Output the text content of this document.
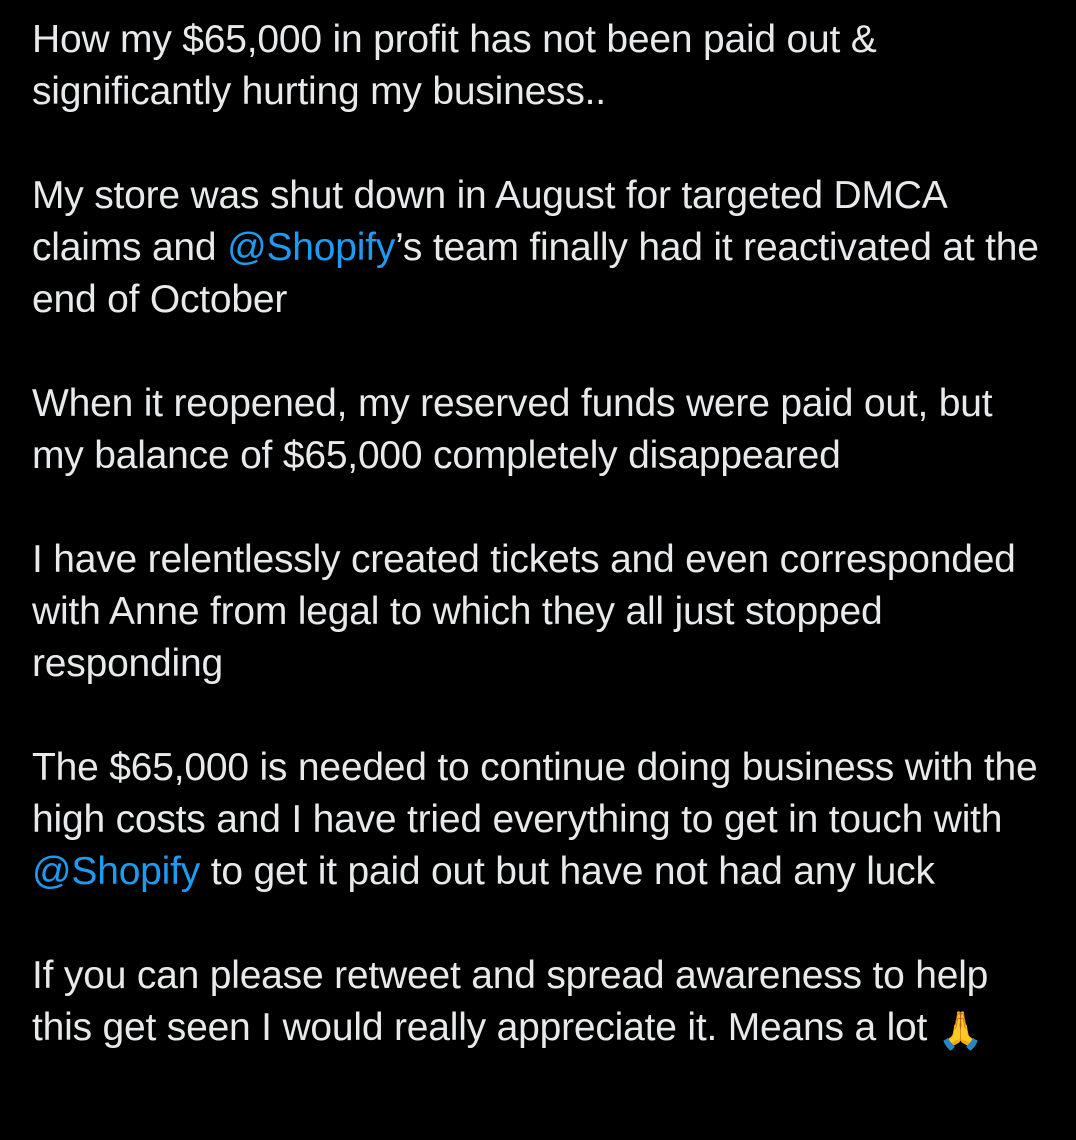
How my $65,000 in profit has not been paid out & significantly hurting my business..

My store was shut down in August for targeted DMCA claims and @Shopify’s team finally had it reactivated at the end of October

When it reopened, my reserved funds were paid out, but my balance of $65,000 completely disappeared

I have relentlessly created tickets and even corresponded with Anne from legal to which they all just stopped responding

The $65,000 is needed to continue doing business with the high costs and I have tried everything to get in touch with @Shopify to get it paid out but have not had any luck

If you can please retweet and spread awareness to help this get seen I would really appreciate it. Means a lot 🙏
